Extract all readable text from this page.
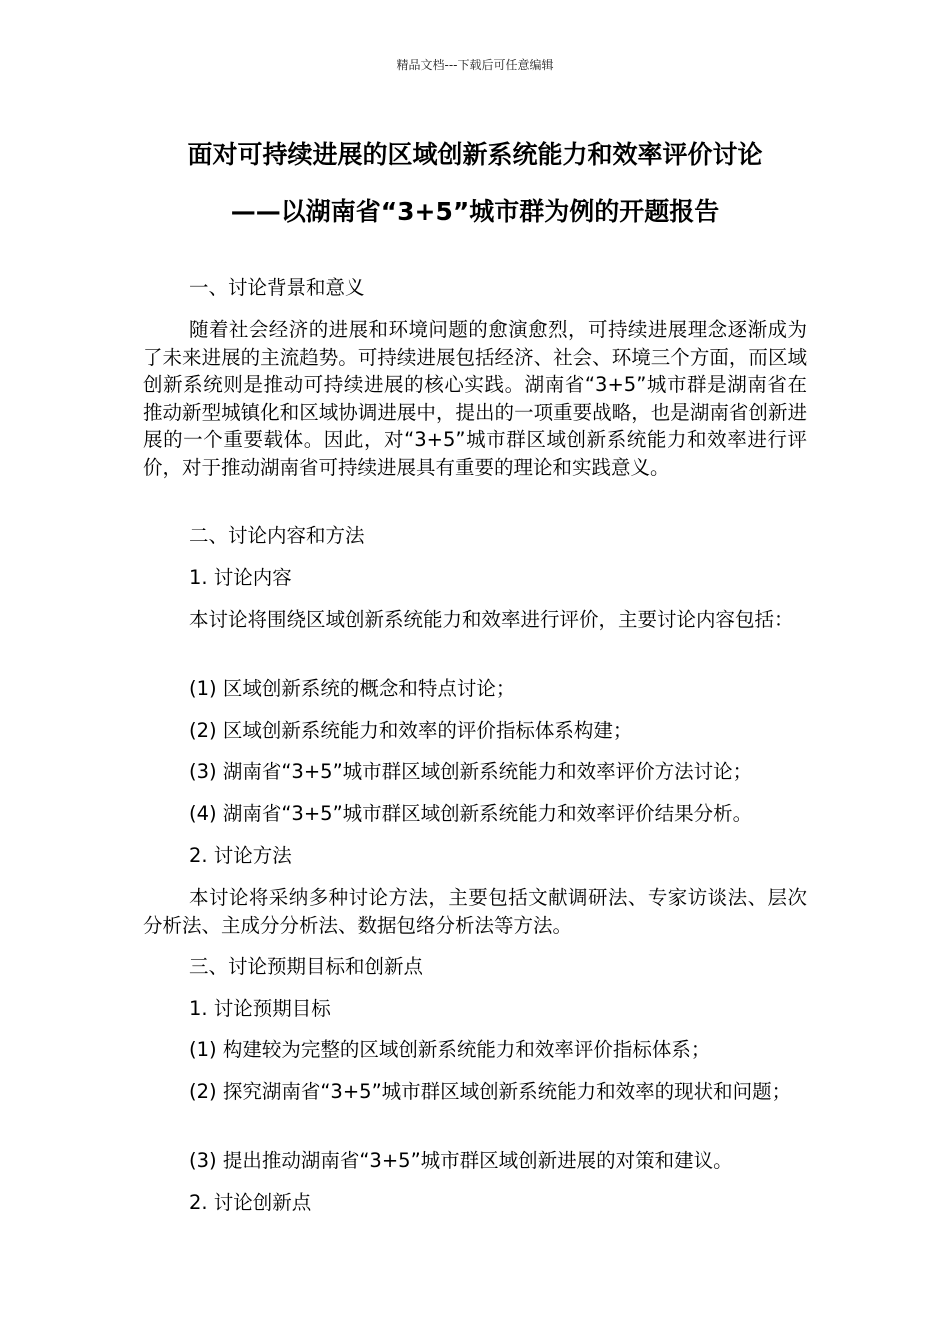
精品文档---下载后可任意编辑
面对可持续进展的区域创新系统能力和效率评价讨论
——以湖南省“3+5”城市群为例的开题报告
一、讨论背景和意义

随着社会经济的进展和环境问题的愈演愈烈，可持续进展理念逐渐成为了未来进展的主流趋势。可持续进展包括经济、社会、环境三个方面，而区域创新系统则是推动可持续进展的核心实践。湖南省“3+5”城市群是湖南省在推动新型城镇化和区域协调进展中，提出的一项重要战略，也是湖南省创新进展的一个重要载体。因此，对“3+5”城市群区域创新系统能力和效率进行评价，对于推动湖南省可持续进展具有重要的理论和实践意义。

二、讨论内容和方法
1. 讨论内容

本讨论将围绕区域创新系统能力和效率进行评价，主要讨论内容包括：

(1) 区域创新系统的概念和特点讨论；
(2) 区域创新系统能力和效率的评价指标体系构建；
(3) 湖南省“3+5”城市群区域创新系统能力和效率评价方法讨论；
(4) 湖南省“3+5”城市群区域创新系统能力和效率评价结果分析。
2. 讨论方法

本讨论将采纳多种讨论方法，主要包括文献调研法、专家访谈法、层次分析法、主成分分析法、数据包络分析法等方法。

三、讨论预期目标和创新点
1. 讨论预期目标
(1) 构建较为完整的区域创新系统能力和效率评价指标体系；

(2) 探究湖南省“3+5”城市群区域创新系统能力和效率的现状和问题；

(3) 提出推动湖南省“3+5”城市群区域创新进展的对策和建议。
2. 讨论创新点
